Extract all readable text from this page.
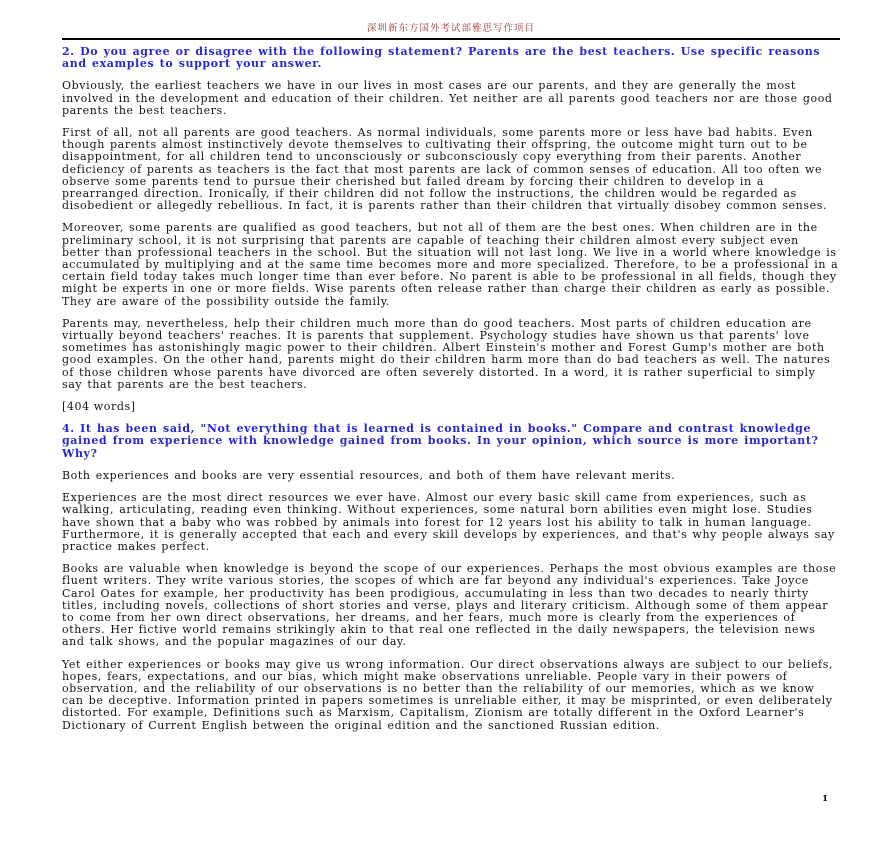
深圳新东方国外考试部雅思写作项目
2. Do you agree or disagree with the following statement? Parents are the best teachers. Use specific reasons and examples to support your answer.

Obviously, the earliest teachers we have in our lives in most cases are our parents, and they are generally the most involved in the development and education of their children. Yet neither are all parents good teachers nor are those good parents the best teachers.

First of all, not all parents are good teachers. As normal individuals, some parents more or less have bad habits. Even though parents almost instinctively devote themselves to cultivating their offspring, the outcome might turn out to be disappointment, for all children tend to unconsciously or subconsciously copy everything from their parents. Another deficiency of parents as teachers is the fact that most parents are lack of common senses of education. All too often we observe some parents tend to pursue their cherished but failed dream by forcing their children to develop in a prearranged direction. Ironically, if their children did not follow the instructions, the children would be regarded as disobedient or allegedly rebellious. In fact, it is parents rather than their children that virtually disobey common senses.

Moreover, some parents are qualified as good teachers, but not all of them are the best ones. When children are in the preliminary school, it is not surprising that parents are capable of teaching their children almost every subject even better than professional teachers in the school. But the situation will not last long. We live in a world where knowledge is accumulated by multiplying and at the same time becomes more and more specialized. Therefore, to be a professional in a certain field today takes much longer time than ever before. No parent is able to be professional in all fields, though they might be experts in one or more fields. Wise parents often release rather than charge their children as early as possible. They are aware of the possibility outside the family.

Parents may, nevertheless, help their children much more than do good teachers. Most parts of children education are virtually beyond teachers' reaches. It is parents that supplement. Psychology studies have shown us that parents' love sometimes has astonishingly magic power to their children. Albert Einstein's mother and Forest Gump's mother are both good examples. On the other hand, parents might do their children harm more than do bad teachers as well. The natures of those children whose parents have divorced are often severely distorted. In a word, it is rather superficial to simply say that parents are the best teachers.

[404 words]
4. It has been said, "Not everything that is learned is contained in books." Compare and contrast knowledge gained from experience with knowledge gained from books. In your opinion, which source is more important? Why?

Both experiences and books are very essential resources, and both of them have relevant merits.

Experiences are the most direct resources we ever have. Almost our every basic skill came from experiences, such as walking, articulating, reading even thinking. Without experiences, some natural born abilities even might lose. Studies have shown that a baby who was robbed by animals into forest for 12 years lost his ability to talk in human language. Furthermore, it is generally accepted that each and every skill develops by experiences, and that's why people always say practice makes perfect.

Books are valuable when knowledge is beyond the scope of our experiences. Perhaps the most obvious examples are those fluent writers. They write various stories, the scopes of which are far beyond any individual's experiences. Take Joyce Carol Oates for example, her productivity has been prodigious, accumulating in less than two decades to nearly thirty titles, including novels, collections of short stories and verse, plays and literary criticism. Although some of them appear to come from her own direct observations, her dreams, and her fears, much more is clearly from the experiences of others. Her fictive world remains strikingly akin to that real one reflected in the daily newspapers, the television news and talk shows, and the popular magazines of our day.

Yet either experiences or books may give us wrong information. Our direct observations always are subject to our beliefs, hopes, fears, expectations, and our bias, which might make observations unreliable. People vary in their powers of observation, and the reliability of our observations is no better than the reliability of our memories, which as we know can be deceptive. Information printed in papers sometimes is unreliable either, it may be misprinted, or even deliberately distorted. For example, Definitions such as Marxism, Capitalism, Zionism are totally different in the Oxford Learner's Dictionary of Current English between the original edition and the sanctioned Russian edition.

1
